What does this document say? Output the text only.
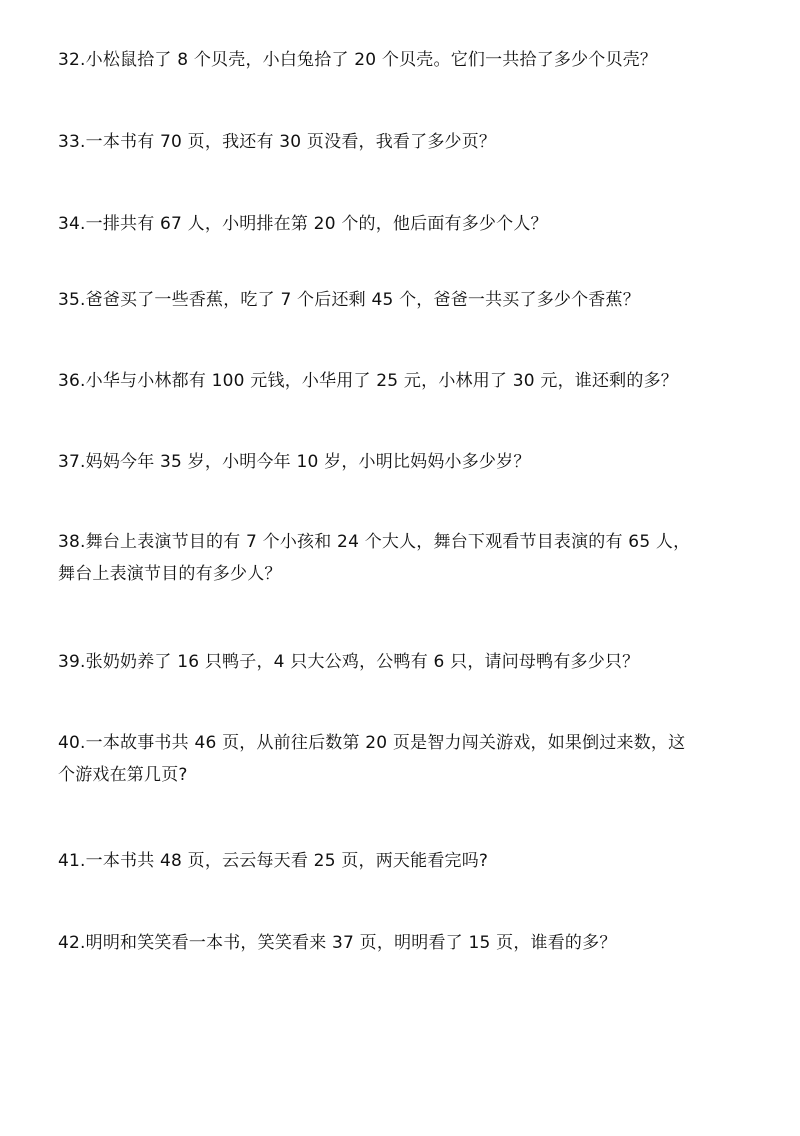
32.小松鼠拾了 8 个贝壳，小白兔拾了 20 个贝壳。它们一共拾了多少个贝壳？

33.一本书有 70 页，我还有 30 页没看，我看了多少页？

34.一排共有 67 人，小明排在第 20 个的，他后面有多少个人？

35.爸爸买了一些香蕉，吃了 7 个后还剩 45 个，爸爸一共买了多少个香蕉？

36.小华与小林都有 100 元钱，小华用了 25 元，小林用了 30 元，谁还剩的多？

37.妈妈今年 35 岁，小明今年 10 岁，小明比妈妈小多少岁？

38.舞台上表演节目的有 7 个小孩和 24 个大人，舞台下观看节目表演的有 65 人，
舞台上表演节目的有多少人？

39.张奶奶养了 16 只鸭子，4 只大公鸡，公鸭有 6 只，请问母鸭有多少只？

40.一本故事书共 46 页，从前往后数第 20 页是智力闯关游戏，如果倒过来数，这
个游戏在第几页?

41.一本书共 48 页，云云每天看 25 页，两天能看完吗?

42.明明和笑笑看一本书，笑笑看来 37 页，明明看了 15 页，谁看的多？
